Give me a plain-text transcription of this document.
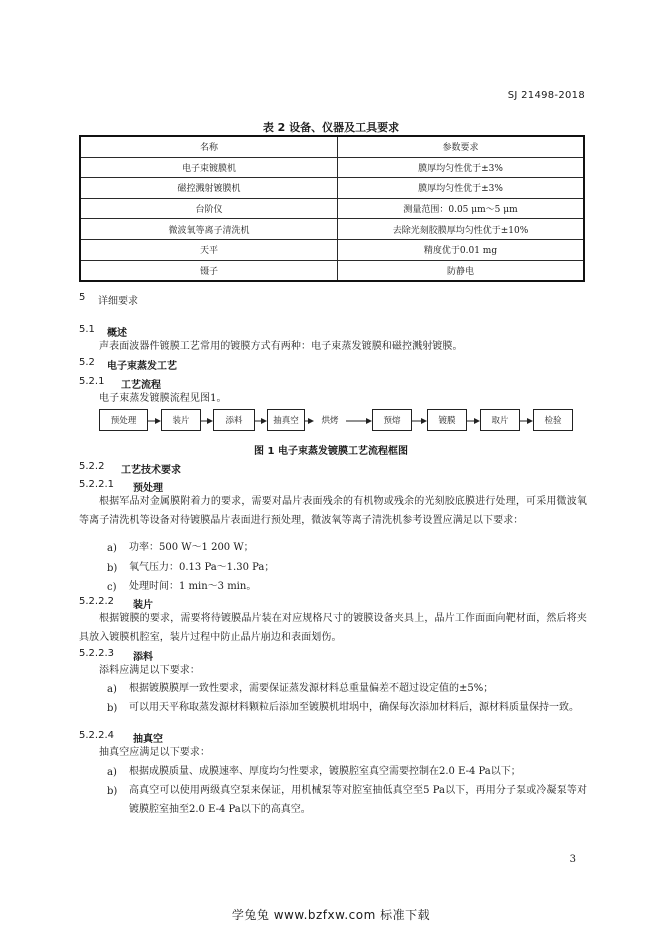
SJ 21498-2018
表 2 设备、仪器及工具要求
名称	参数要求
电子束镀膜机	膜厚均匀性优于±3%
磁控溅射镀膜机	膜厚均匀性优于±3%
台阶仪	测量范围：0.05 μm～5 μm
微波氧等离子清洗机	去除光刻胶膜厚均匀性优于±10%
天平	精度优于0.01 mg
镊子	防静电
5 详细要求
5.1 概述
声表面波器件镀膜工艺常用的镀膜方式有两种：电子束蒸发镀膜和磁控溅射镀膜。
5.2 电子束蒸发工艺
5.2.1 工艺流程
电子束蒸发镀膜流程见图1。
预处理	装片	添料	抽真空	烘烤	预熔	镀膜	取片	检验
图 1 电子束蒸发镀膜工艺流程框图
5.2.2 工艺技术要求
5.2.2.1 预处理
根据军品对金属膜附着力的要求，需要对晶片表面残余的有机物或残余的光刻胶底膜进行处理，可采用微波氧等离子清洗机等设备对待镀膜晶片表面进行预处理，微波氧等离子清洗机参考设置应满足以下要求：
a) 功率：500 W～1 200 W；
b) 氧气压力：0.13 Pa～1.30 Pa；
c) 处理时间：1 min～3 min。
5.2.2.2 装片
根据镀膜的要求，需要将待镀膜晶片装在对应规格尺寸的镀膜设备夹具上，晶片工作面面向靶材面，然后将夹具放入镀膜机腔室，装片过程中防止晶片崩边和表面划伤。
5.2.2.3 添料
添料应满足以下要求：
a) 根据镀膜膜厚一致性要求，需要保证蒸发源材料总重量偏差不超过设定值的±5%；
b) 可以用天平称取蒸发源材料颗粒后添加至镀膜机坩埚中，确保每次添加材料后，源材料质量保持一致。
5.2.2.4 抽真空
抽真空应满足以下要求：
a) 根据成膜质量、成膜速率、厚度均匀性要求，镀膜腔室真空需要控制在2.0 E-4 Pa以下；
b) 高真空可以使用两级真空泵来保证，用机械泵等对腔室抽低真空至5 Pa以下，再用分子泵或冷凝泵等对镀膜腔室抽至2.0 E-4 Pa以下的高真空。
3
学兔兔 www.bzfxw.com 标准下载
